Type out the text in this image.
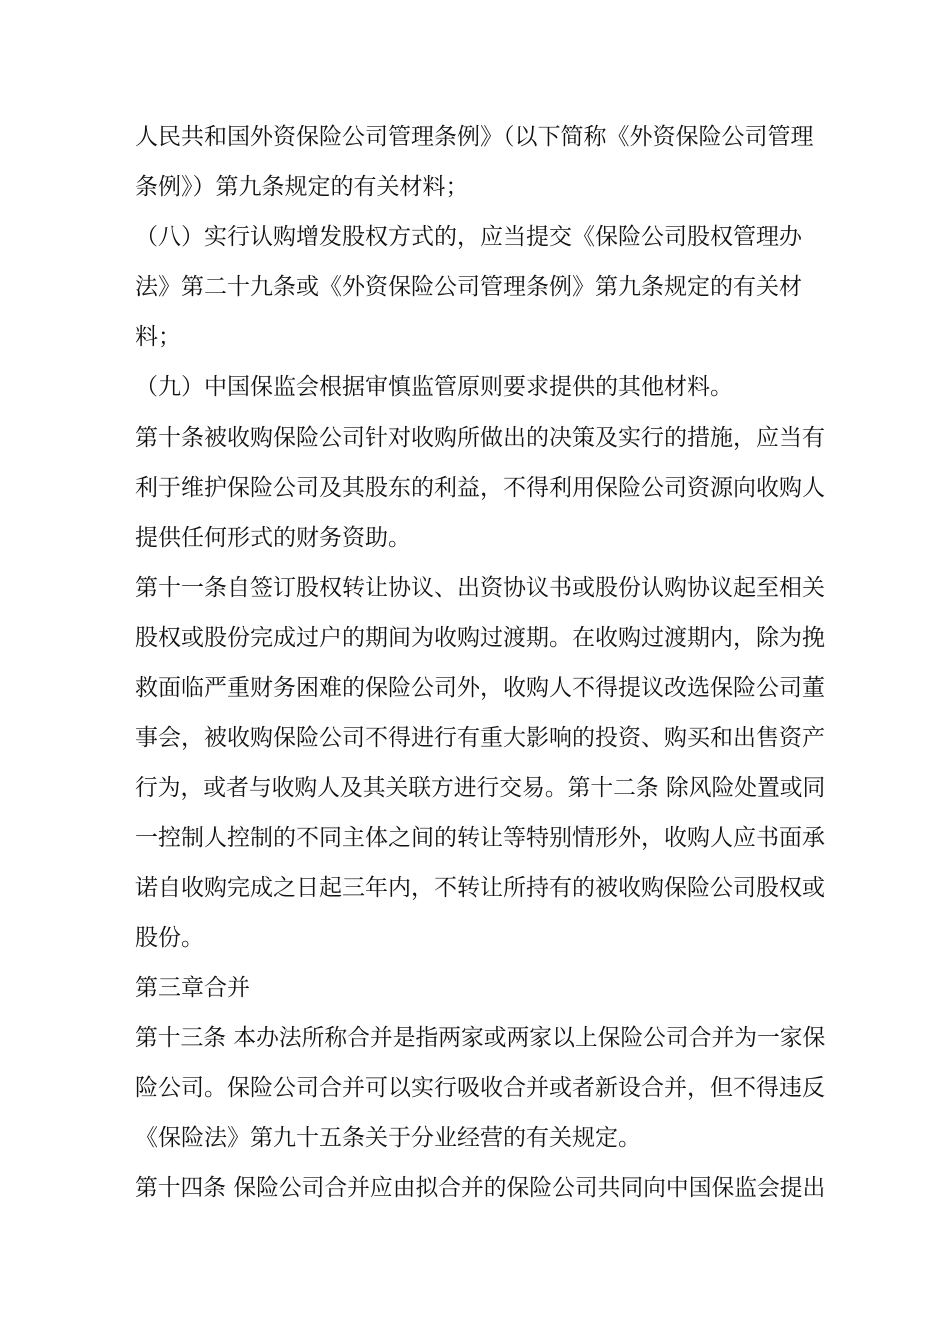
人民共和国外资保险公司管理条例》（以下简称《外资保险公司管理
条例》）第九条规定的有关材料；
（八）实行认购增发股权方式的，应当提交《保险公司股权管理办
法》第二十九条或《外资保险公司管理条例》第九条规定的有关材
料；
（九）中国保监会根据审慎监管原则要求提供的其他材料。
第十条被收购保险公司针对收购所做出的决策及实行的措施，应当有
利于维护保险公司及其股东的利益，不得利用保险公司资源向收购人
提供任何形式的财务资助。
第十一条自签订股权转让协议、出资协议书或股份认购协议起至相关
股权或股份完成过户的期间为收购过渡期。在收购过渡期内，除为挽
救面临严重财务困难的保险公司外，收购人不得提议改选保险公司董
事会，被收购保险公司不得进行有重大影响的投资、购买和出售资产
行为，或者与收购人及其关联方进行交易。第十二条 除风险处置或同
一控制人控制的不同主体之间的转让等特别情形外，收购人应书面承
诺自收购完成之日起三年内，不转让所持有的被收购保险公司股权或
股份。
第三章合并
第十三条 本办法所称合并是指两家或两家以上保险公司合并为一家保
险公司。保险公司合并可以实行吸收合并或者新设合并，但不得违反
《保险法》第九十五条关于分业经营的有关规定。
第十四条 保险公司合并应由拟合并的保险公司共同向中国保监会提出
